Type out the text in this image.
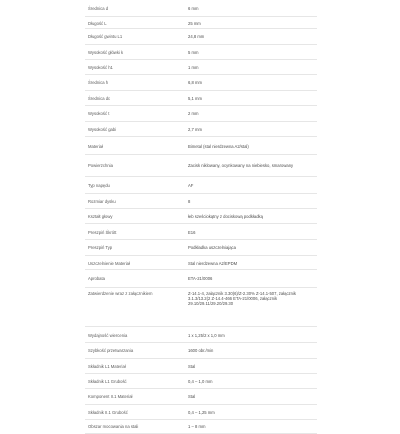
Średnica d	6 mm
Długość L	25 mm
Długość gwintu L1	24,8 mm
Wysokość główki k	5 mm
Wysokość h1	1 mm
Średnica h	6,8 mm
Średnica dc	5,1 mm
Wysokość t	2 mm
Wysokość gabi	2,7 mm
Materiał	Bimetal (stal nierdzewna A2/stal)
Powierzchnia	Zacisk niklowany, ocynkowany na niebiesko, smarowany
Typ napędu	AF
Rozmiar dysku	8
Kształt głowy	łeb sześciokątny z dociskową podkładką
Preszpiń Śkrótt	E16
Preszpiń Typ	Podkładka uszczelniająca
Uszczelnienie Materiał	Stal nierdzewna A2/EPDM
Aprobata	ETA-21/0006
Zatwierdzenie wraz z załącznikiem	Z-14.1-4, załącznik 3.30(6)/Z-2.30% Z-14.1-507, załącznik 3.1.3/13.2(2 Z-14.4-466 ETA-21/0006, załącznik 29.10/29.11/29.20/29.30
Wydajność wiercenia	1 x 1,25/2 x 1,0 mm
Szybkość przetwarzania	1600 obr./min
Składnik L1 Materiał	Stal
Składnik L1 Grubość	0,4 – 1,0 mm
Komponent II.1 Materiał	Stal
Składnik II.1 Grubość	0,4 – 1,25 mm
Obszar mocowania na stali	1 – 8 mm
